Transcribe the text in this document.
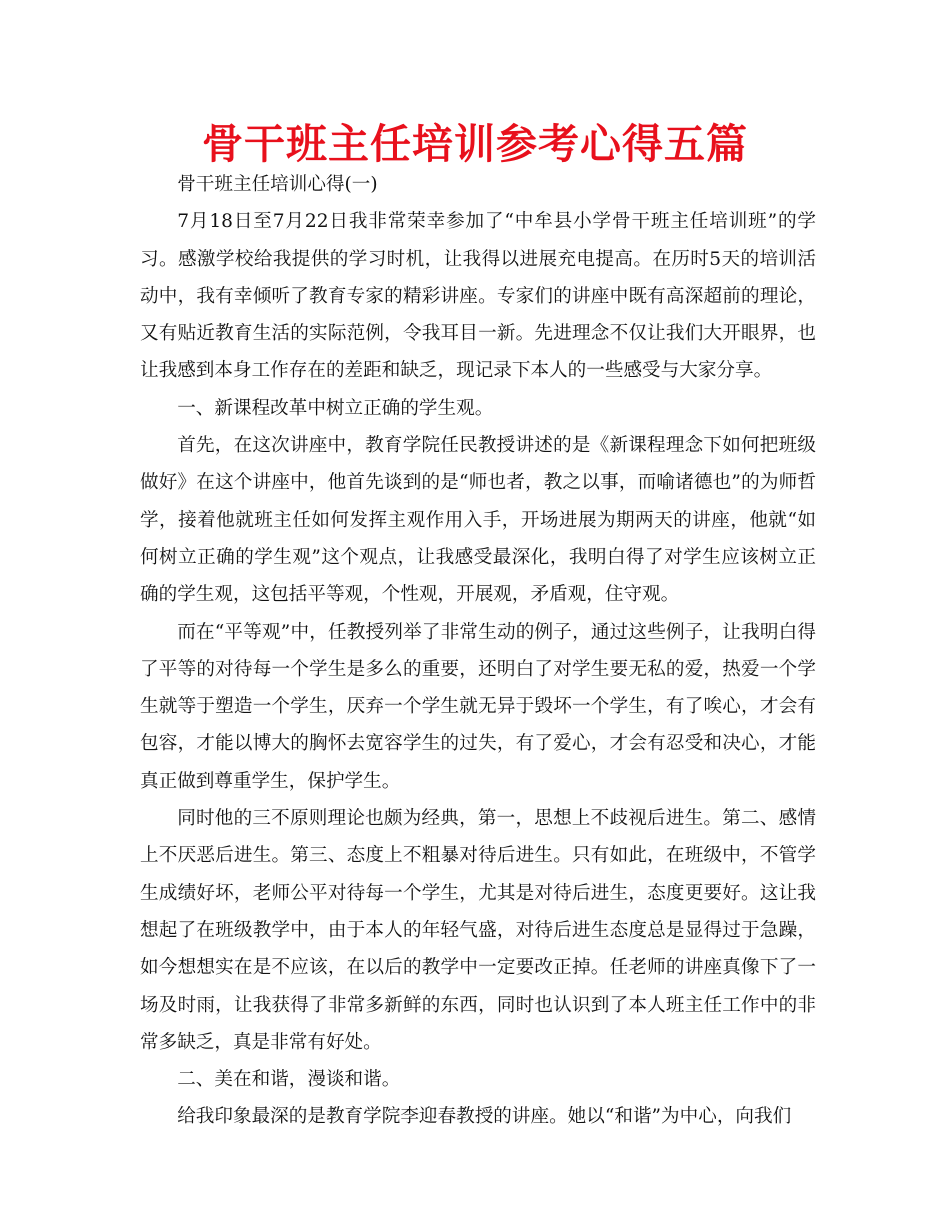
骨干班主任培训参考心得五篇

骨干班主任培训心得(一)

7月18日至7月22日我非常荣幸参加了“中牟县小学骨干班主任培训班”的学习。感激学校给我提供的学习时机，让我得以进展充电提高。在历时5天的培训活动中，我有幸倾听了教育专家的精彩讲座。专家们的讲座中既有高深超前的理论，又有贴近教育生活的实际范例，令我耳目一新。先进理念不仅让我们大开眼界，也让我感到本身工作存在的差距和缺乏，现记录下本人的一些感受与大家分享。

一、新课程改革中树立正确的学生观。

首先，在这次讲座中，教育学院任民教授讲述的是《新课程理念下如何把班级做好》在这个讲座中，他首先谈到的是“师也者，教之以事，而喻诸德也”的为师哲学，接着他就班主任如何发挥主观作用入手，开场进展为期两天的讲座，他就“如何树立正确的学生观”这个观点，让我感受最深化，我明白得了对学生应该树立正确的学生观，这包括平等观，个性观，开展观，矛盾观，住守观。

而在“平等观”中，任教授列举了非常生动的例子，通过这些例子，让我明白得了平等的对待每一个学生是多么的重要，还明白了对学生要无私的爱，热爱一个学生就等于塑造一个学生，厌弃一个学生就无异于毁坏一个学生，有了唉心，才会有包容，才能以博大的胸怀去宽容学生的过失，有了爱心，才会有忍受和决心，才能真正做到尊重学生，保护学生。

同时他的三不原则理论也颇为经典，第一，思想上不歧视后进生。第二、感情上不厌恶后进生。第三、态度上不粗暴对待后进生。只有如此，在班级中，不管学生成绩好坏，老师公平对待每一个学生，尤其是对待后进生，态度更要好。这让我想起了在班级教学中，由于本人的年轻气盛，对待后进生态度总是显得过于急躁，如今想想实在是不应该，在以后的教学中一定要改正掉。任老师的讲座真像下了一场及时雨，让我获得了非常多新鲜的东西，同时也认识到了本人班主任工作中的非常多缺乏，真是非常有好处。

二、美在和谐，漫谈和谐。

给我印象最深的是教育学院李迎春教授的讲座。她以“和谐”为中心，向我们
